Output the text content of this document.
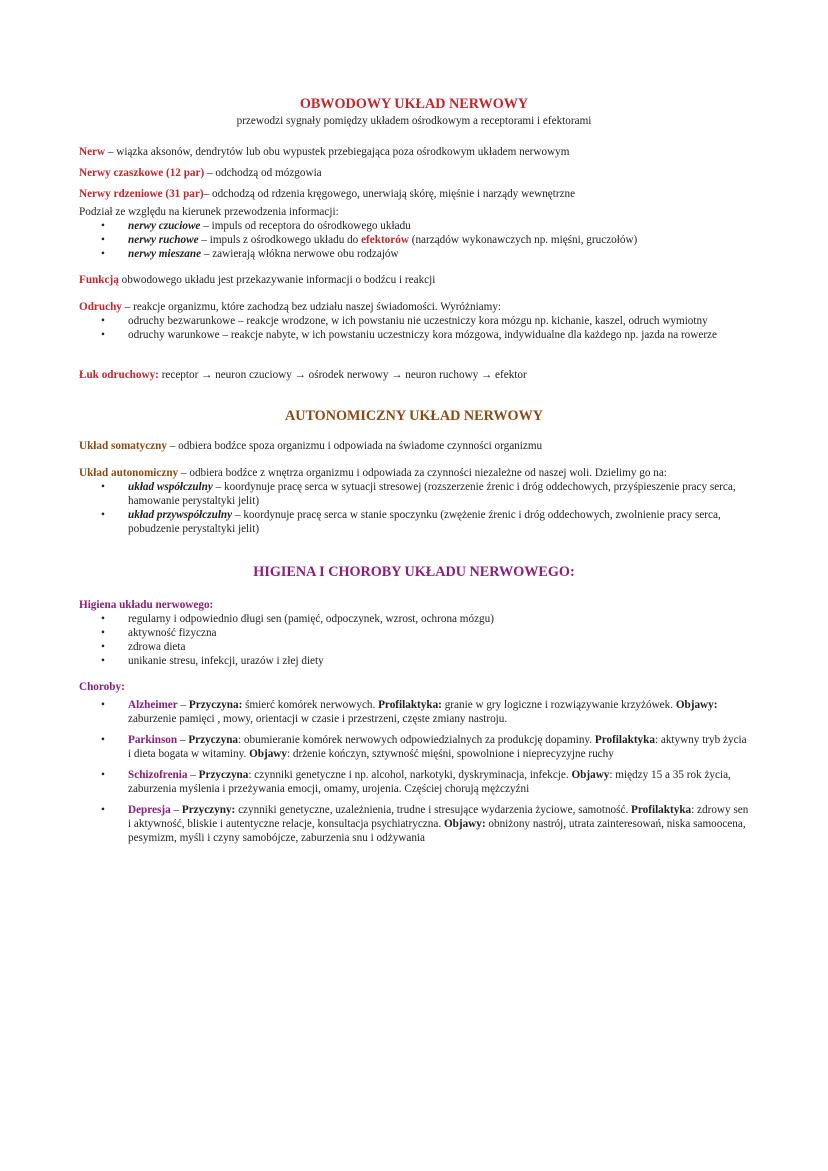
OBWODOWY UKŁAD NERWOWY
przewodzi sygnały pomiędzy układem ośrodkowym a receptorami i efektorami
Nerw – wiązka aksonów, dendrytów lub obu wypustek przebiegająca poza ośrodkowym układem nerwowym
Nerwy czaszkowe (12 par) – odchodzą od mózgowia
Nerwy rdzeniowe (31 par)– odchodzą od rdzenia kręgowego, unerwiają skórę, mięśnie i narządy wewnętrzne
Podział ze względu na kierunek przewodzenia informacji:
• nerwy czuciowe – impuls od receptora do ośrodkowego układu
• nerwy ruchowe – impuls z ośrodkowego układu do efektorów (narządów wykonawczych np. mięśni, gruczołów)
• nerwy mieszane – zawierają włókna nerwowe obu rodzajów
Funkcją obwodowego układu jest przekazywanie informacji o bodźcu i reakcji
Odruchy – reakcje organizmu, które zachodzą bez udziału naszej świadomości. Wyróżniamy:
• odruchy bezwarunkowe – reakcje wrodzone, w ich powstaniu nie uczestniczy kora mózgu np. kichanie, kaszel, odruch wymiotny
• odruchy warunkowe – reakcje nabyte, w ich powstaniu uczestniczy kora mózgowa, indywidualne dla każdego np. jazda na rowerze
Łuk odruchowy: receptor → neuron czuciowy → ośrodek nerwowy → neuron ruchowy → efektor
AUTONOMICZNY UKŁAD NERWOWY
Układ somatyczny – odbiera bodźce spoza organizmu i odpowiada na świadome czynności organizmu
Układ autonomiczny – odbiera bodźce z wnętrza organizmu i odpowiada za czynności niezależne od naszej woli. Dzielimy go na:
• układ współczulny – koordynuje pracę serca w sytuacji stresowej (rozszerzenie źrenic i dróg oddechowych, przyśpieszenie pracy serca, hamowanie perystaltyki jelit)
• układ przywspółczulny – koordynuje pracę serca w stanie spoczynku (zwężenie źrenic i dróg oddechowych, zwolnienie pracy serca, pobudzenie perystaltyki jelit)
HIGIENA I CHOROBY UKŁADU NERWOWEGO:
Higiena układu nerwowego:
• regularny i odpowiednio długi sen (pamięć, odpoczynek, wzrost, ochrona mózgu)
• aktywność fizyczna
• zdrowa dieta
• unikanie stresu, infekcji, urazów i złej diety
Choroby:
• Alzheimer – Przyczyna: śmierć komórek nerwowych. Profilaktyka: granie w gry logiczne i rozwiązywanie krzyżówek. Objawy: zaburzenie pamięci , mowy, orientacji w czasie i przestrzeni, częste zmiany nastroju.
• Parkinson – Przyczyna: obumieranie komórek nerwowych odpowiedzialnych za produkcję dopaminy. Profilaktyka: aktywny tryb życia i dieta bogata w witaminy. Objawy: drżenie kończyn, sztywność mięśni, spowolnione i nieprecyzyjne ruchy
• Schizofrenia – Przyczyna: czynniki genetyczne i np. alcohol, narkotyki, dyskryminacja, infekcje. Objawy: między 15 a 35 rok życia, zaburzenia myślenia i przeżywania emocji, omamy, urojenia. Częściej chorują mężczyźni
• Depresja – Przyczyny: czynniki genetyczne, uzależnienia, trudne i stresujące wydarzenia życiowe, samotność. Profilaktyka: zdrowy sen i aktywność, bliskie i autentyczne relacje, konsultacja psychiatryczna. Objawy: obniżony nastrój, utrata zainteresowań, niska samoocena, pesymizm, myśli i czyny samobójcze, zaburzenia snu i odżywania
